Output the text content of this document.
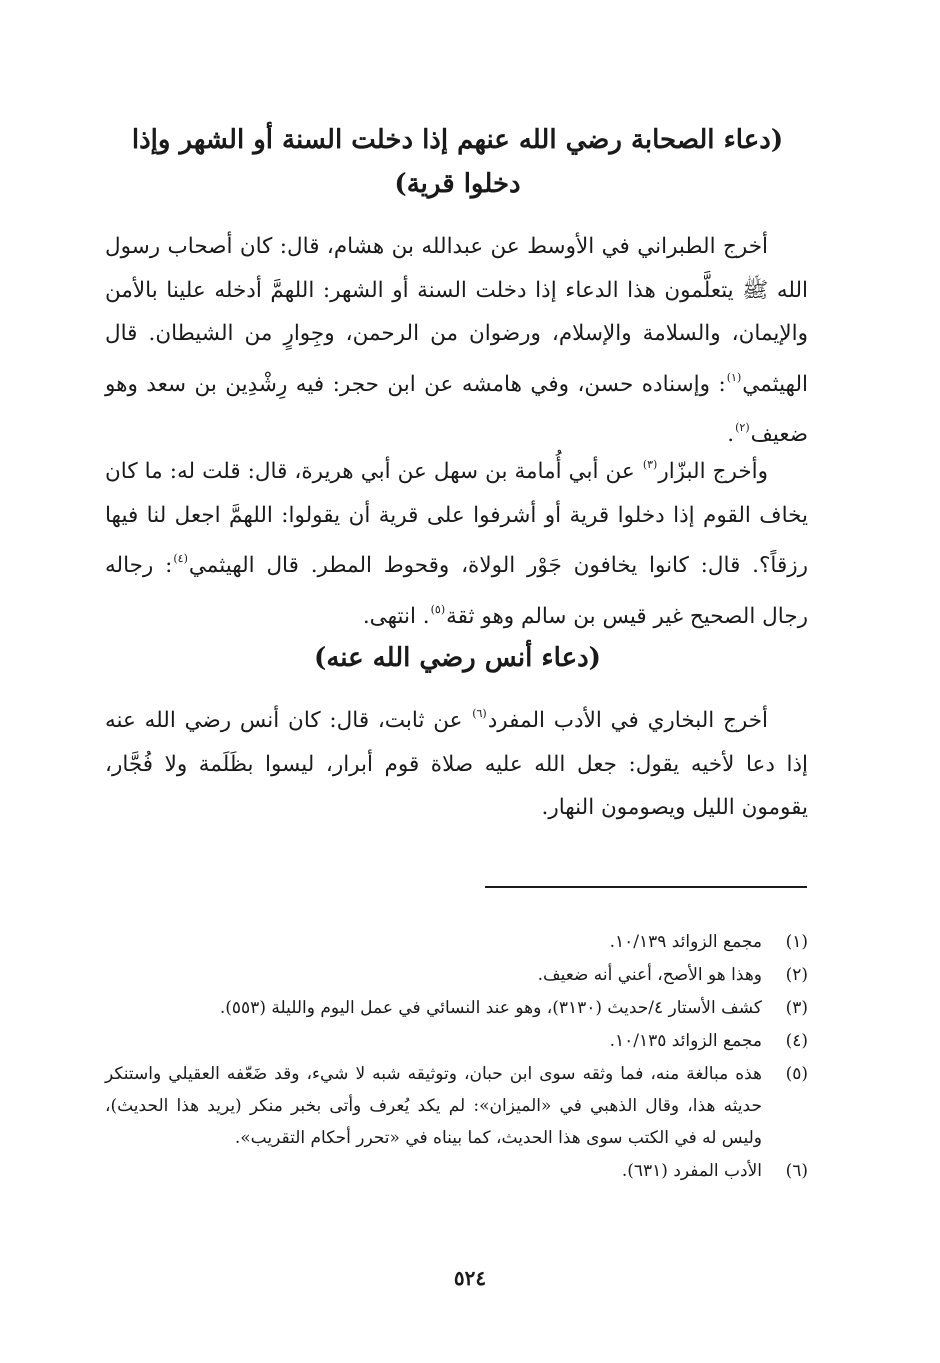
(دعاء الصحابة رضي الله عنهم إذا دخلت السنة أو الشهر وإذا دخلوا قرية)

أخرج الطبراني في الأوسط عن عبدالله بن هشام، قال: كان أصحاب رسول الله ﷺ يتعلَّمون هذا الدعاء إذا دخلت السنة أو الشهر: اللهمَّ أدخله علينا بالأمن والإيمان، والسلامة والإسلام، ورضوان من الرحمن، وجِوارٍ من الشيطان. قال الهيثمي$^{(١)}$: وإسناده حسن، وفي هامشه عن ابن حجر: فيه رِشْدِين بن سعد وهو ضعيف$^{(٢)}$.

وأخرج البزّار$^{(٣)}$ عن أبي أُمامة بن سهل عن أبي هريرة، قال: قلت له: ما كان يخاف القوم إذا دخلوا قرية أو أشرفوا على قرية أن يقولوا: اللهمَّ اجعل لنا فيها رزقاً؟. قال: كانوا يخافون جَوْر الولاة، وقحوط المطر. قال الهيثمي$^{(٤)}$: رجاله رجال الصحيح غير قيس بن سالم وهو ثقة$^{(٥)}$. انتهى.

(دعاء أنس رضي الله عنه)

أخرج البخاري في الأدب المفرد$^{(٦)}$ عن ثابت، قال: كان أنس رضي الله عنه إذا دعا لأخيه يقول: جعل الله عليه صلاة قوم أبرار، ليسوا بظَلَمة ولا فُجَّار، يقومون الليل ويصومون النهار.

(١)
مجمع الزوائد ١٠/١٣٩.
(٢)
وهذا هو الأصح، أعني أنه ضعيف.
(٣)
كشف الأستار ٤/حديث (٣١٣٠)، وهو عند النسائي في عمل اليوم والليلة (٥٥٣).
(٤)
مجمع الزوائد ١٠/١٣٥.
(٥)
هذه مبالغة منه، فما وثقه سوى ابن حبان، وتوثيقه شبه لا شيء، وقد ضَعّفه العقيلي واستنكر حديثه هذا، وقال الذهبي في «الميزان»: لم يكد يُعرف وأتى بخبر منكر (يريد هذا الحديث)، وليس له في الكتب سوى هذا الحديث، كما بيناه في «تحرر أحكام التقريب».
(٦)
الأدب المفرد (٦٣١).
٥٢٤
